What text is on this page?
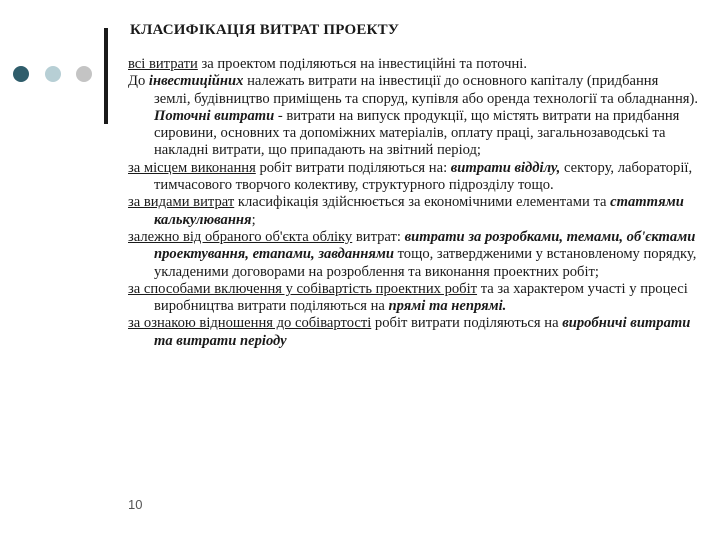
КЛАСИФІКАЦІЯ ВИТРАТ ПРОЕКТУ

всі витрати за проектом поділяються на інвестиційні та поточні.

До інвестиційних належать витрати на інвестиції до основного капіталу (придбання землі, будівництво приміщень та споруд, купівля або оренда технології та обладнання). Поточні витрати - витрати на випуск продукції, що містять витрати на придбання сировини, основних та допоміжних матеріалів, оплату праці, загальнозаводські та накладні витрати, що припадають на звітний період;

за місцем виконання робіт витрати поділяються на: витрати відділу, сектору, лабораторії, тимчасового творчого колективу, структурного підрозділу тощо.

за видами витрат класифікація здійснюється за економічними елементами та статтями калькулювання;

залежно від обраного об'єкта обліку витрат: витрати за розробками, темами, об'єктами проектування, етапами, завданнями тощо, затвердженими у встановленому порядку, укладеними договорами на розроблення та виконання проектних робіт;

за способами включення у собівартість проектних робіт та за характером участі у процесі виробництва витрати поділяються на прямі та непрямі.

за ознакою відношення до собівартості робіт витрати поділяються на виробничі витрати та витрати періоду

10
